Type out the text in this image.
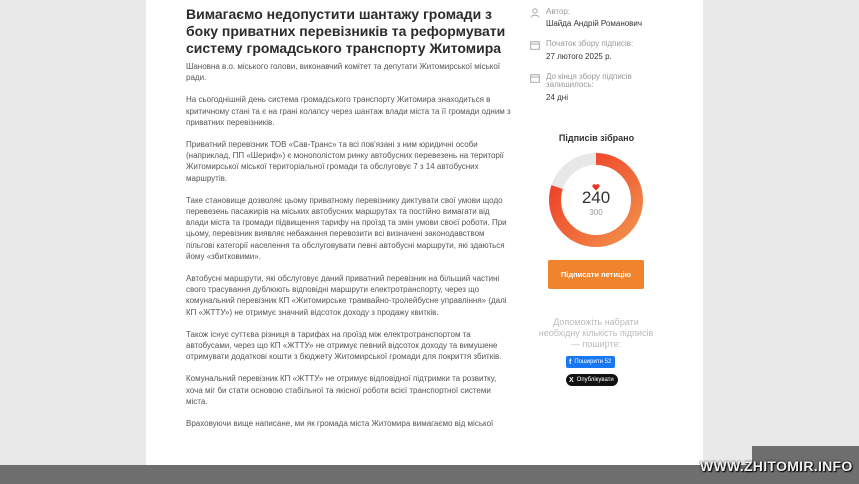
Вимагаємо недопустити шантажу громади з боку приватних перевізників та реформувати систему громадського транспорту Житомира

Шановна в.о. міського голови, виконавчий комітет та депутати Житомирської міської ради.

На сьогоднішній день система громадського транспорту Житомира знаходиться в критичному стані та є на грані колапсу через шантаж влади міста та її громади одним з приватних перевізників.

Приватний перевізник ТОВ «Сав-Транс» та всі пов'язані з ним юридичні особи (наприклад, ПП «Шериф») є монополістом ринку автобусних перевезень на території Житомирської міської територіальної громади та обслуговує 7 з 14 автобусних маршрутів.

Таке становище дозволяє цьому приватному перевізнику диктувати свої умови щодо перевезень пасажирів на міських автобусних маршрутах та постійно вимагати від влади міста та громади підвищення тарифу на проїзд та змін умови своєї роботи. При цьому, перевізник виявляє небажання перевозити всі визначені законодавством пільгові категорії населення та обслуговувати певні автобусні маршрути, які здаються йому «збитковими».

Автобусні маршрути, які обслуговує даний приватний перевізник на більший частині свого трасування дублюють відповідні маршрути електротранспорту, через що комунальний перевізник КП «Житомирське трамвайно-тролейбусне управління» (далі КП «ЖТТУ») не отримує значний відсоток доходу з продажу квитків.

Також існує суттєва різниця в тарифах на проїзд між електротранспортом та автобусами, через що КП «ЖТТУ» не отримує певний відсоток доходу та вимушене отримувати додаткові кошти з бюджету Житомирської громади для покриття збитків.

Комунальний перевізник КП «ЖТТУ» не отримує відповідної підтримки та розвитку, хоча міг би стати основою стабільної та якісної роботи всієї транспортної системи міста.

Враховуючи вище написане, ми як громада міста Житомира вимагаємо від міської

Автор:
Шайда Андрій Романович
Початок збору підписів:
27 лютого 2025 р.
До кінця збору підписів
залишилось:
24 дні
Підписів зібрано
240
300
Підписати петицію
Допоможіть набрати необхідну кількість підписів — поширте:
f Поширити 52
X Опублікувати
WWW.ZHITOMIR.INFO
